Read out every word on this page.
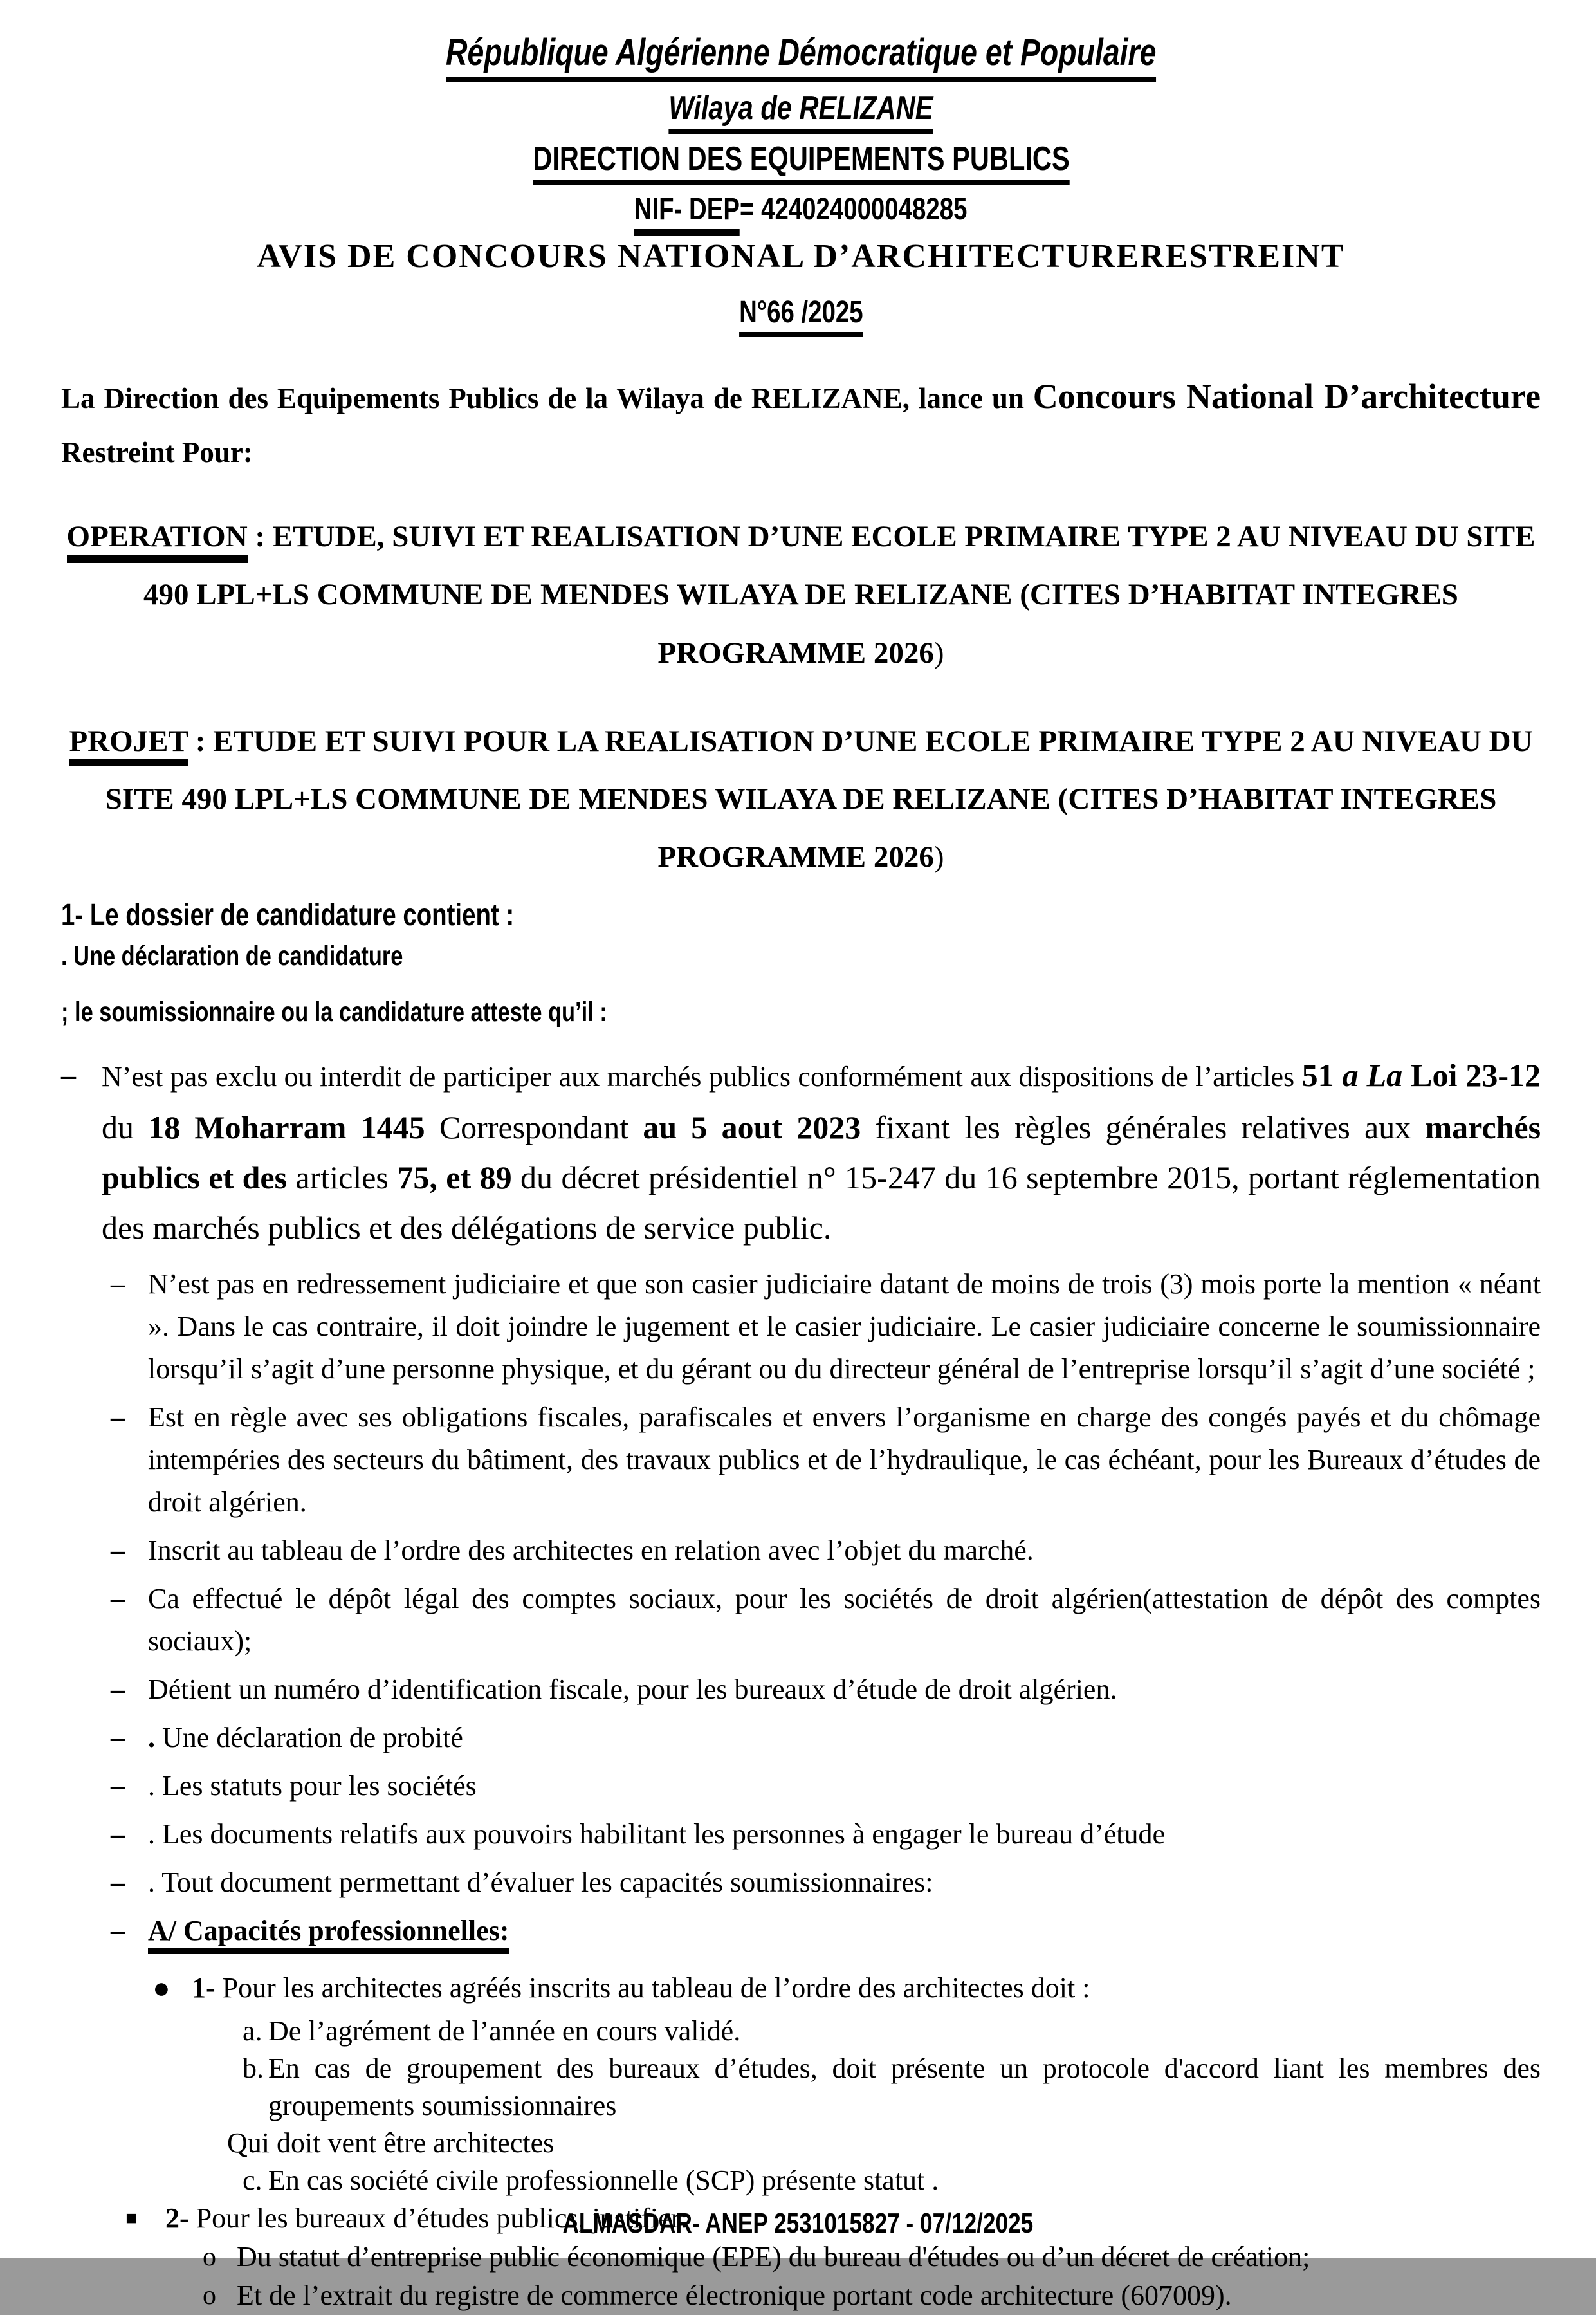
République Algérienne Démocratique et Populaire
Wilaya de RELIZANE
DIRECTION DES EQUIPEMENTS PUBLICS
NIF- DEP= 424024000048285
AVIS DE CONCOURS NATIONAL D’ARCHITECTURERESTREINT
N°66 /2025

La Direction des Equipements Publics de la Wilaya de RELIZANE, lance un Concours National D’architecture Restreint Pour:

OPERATION : ETUDE, SUIVI ET REALISATION D’UNE ECOLE PRIMAIRE TYPE 2 AU NIVEAU DU SITE 490 LPL+LS COMMUNE DE MENDES WILAYA DE RELIZANE (CITES D’HABITAT INTEGRES PROGRAMME 2026)

PROJET : ETUDE ET SUIVI POUR LA REALISATION D’UNE ECOLE PRIMAIRE TYPE 2 AU NIVEAU DU SITE 490 LPL+LS COMMUNE DE MENDES WILAYA DE RELIZANE (CITES D’HABITAT INTEGRES PROGRAMME 2026)

1- Le dossier de candidature contient :
. Une déclaration de candidature
; le soumissionnaire ou la candidature atteste qu’il :
– N’est pas exclu ou interdit de participer aux marchés publics conformément aux dispositions de l’articles 51 a La Loi 23-12 du 18 Moharram 1445 Correspondant au 5 aout 2023 fixant les règles générales relatives aux marchés publics et des articles 75, et 89 du décret présidentiel n° 15-247 du 16 septembre 2015, portant réglementation des marchés publics et des délégations de service public.
– N’est pas en redressement judiciaire et que son casier judiciaire datant de moins de trois (3) mois porte la mention « néant ». Dans le cas contraire, il doit joindre le jugement et le casier judiciaire. Le casier judiciaire concerne le soumissionnaire lorsqu’il s’agit d’une personne physique, et du gérant ou du directeur général de l’entreprise lorsqu’il s’agit d’une société ;
– Est en règle avec ses obligations fiscales, parafiscales et envers l’organisme en charge des congés payés et du chômage intempéries des secteurs du bâtiment, des travaux publics et de l’hydraulique, le cas échéant, pour les Bureaux d’études de droit algérien.
– Inscrit au tableau de l’ordre des architectes en relation avec l’objet du marché.
– Ca effectué le dépôt légal des comptes sociaux, pour les sociétés de droit algérien(attestation de dépôt des comptes sociaux);
– Détient un numéro d’identification fiscale, pour les bureaux d’étude de droit algérien.
– . Une déclaration de probité
– . Les statuts pour les sociétés
– . Les documents relatifs aux pouvoirs habilitant les personnes à engager le bureau d’étude
– . Tout document permettant d’évaluer les capacités soumissionnaires:
– A/ Capacités professionnelles:
● 1- Pour les architectes agréés inscrits au tableau de l’ordre des architectes doit :
a. De l’agrément de l’année en cours validé.
b. En cas de groupement des bureaux d’études, doit présente un protocole d'accord liant les membres des groupements soumissionnaires
Qui doit vent être architectes
c. En cas société civile professionnelle (SCP) présente statut .
■ 2- Pour les bureaux d’études publics, justifier:
o Du statut d’entreprise public économique (EPE) du bureau d'études ou d’un décret de création;
o Et de l’extrait du registre de commerce électronique portant code architecture (607009).
ALMASDAR- ANEP 2531015827 - 07/12/2025
